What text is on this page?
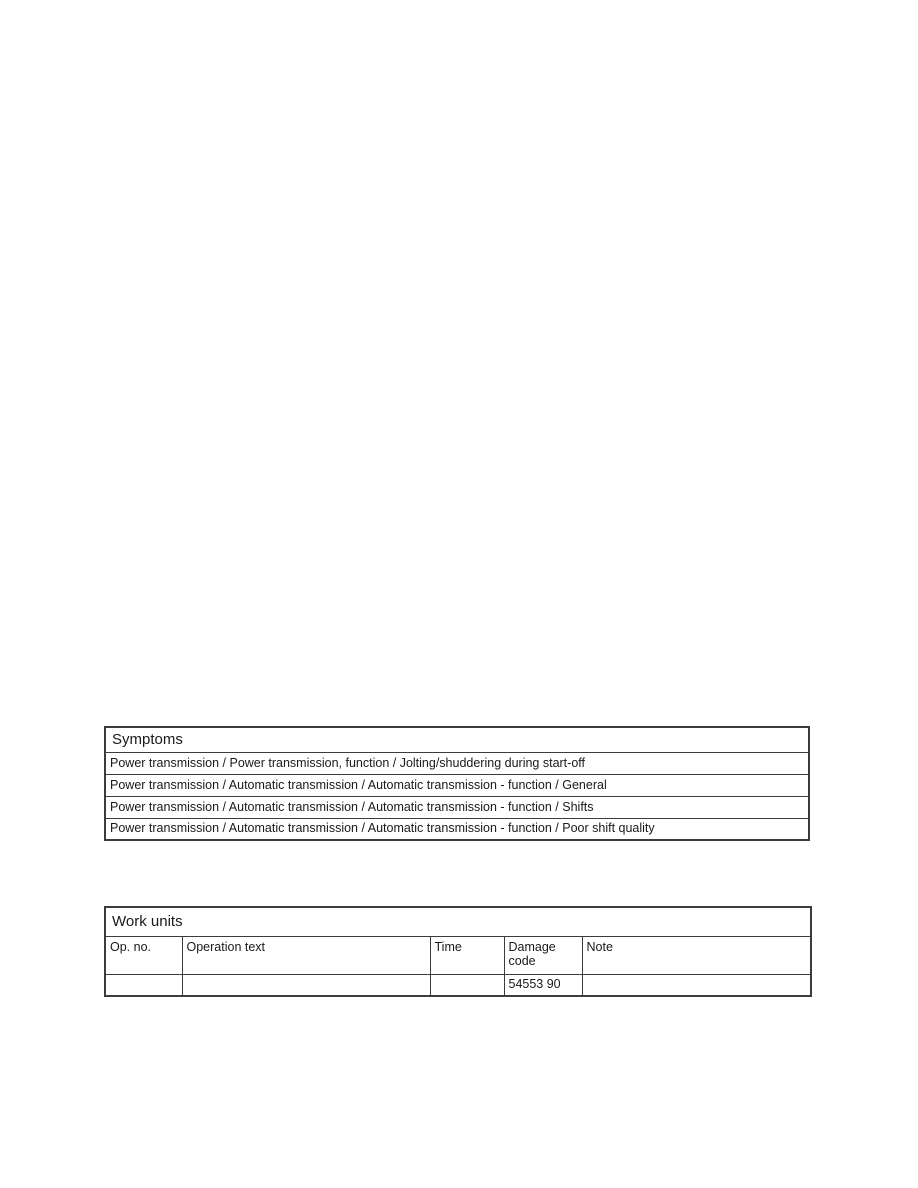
Symptoms
Power transmission / Power transmission, function / Jolting/shuddering during start-off
Power transmission / Automatic transmission / Automatic transmission - function / General
Power transmission / Automatic transmission / Automatic transmission - function / Shifts
Power transmission / Automatic transmission / Automatic transmission - function / Poor shift quality
Work units				
Op. no.	Operation text	Time	Damage code	Note
			54553 90	
